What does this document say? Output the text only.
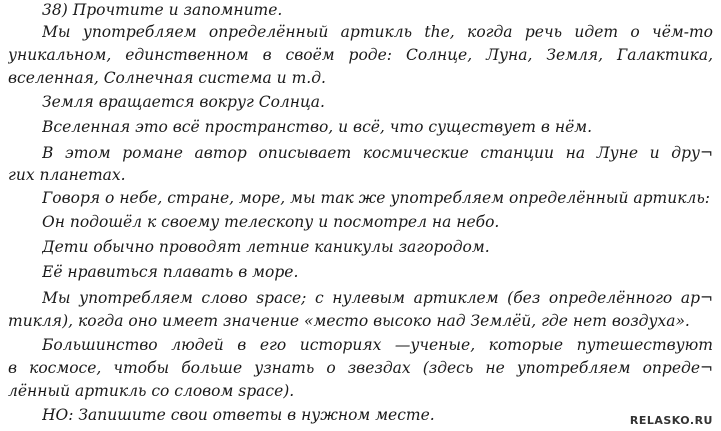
38) Прочтите и запомните.
Мы употребляем определённый артикль the, когда речь идет о чём-то
уникальном, единственном в своём роде: Солнце, Луна, Земля, Галактика,
вселенная, Солнечная система и т.д.
Земля вращается вокруг Солнца.
Вселенная это всё пространство, и всё, что существует в нём.
В этом романе автор описывает космические станции на Луне и дру¬
гих планетах.
Говоря о небе, стране, море, мы так же употребляем определённый артикль:
Он подошёл к своему телескопу и посмотрел на небо.
Дети обычно проводят летние каникулы загородом.
Её нравиться плавать в море.
Мы употребляем слово space; с нулевым артиклем (без определённого ар¬
тикля), когда оно имеет значение «место высоко над Землёй, где нет воздуха».
Большинство людей в его историях —ученые, которые путешествуют
в космосе, чтобы больше узнать о звездах (здесь не употребляем опреде¬
лённый артикль со словом space).
НО: Запишите свои ответы в нужном месте.	RELASKO.RU
